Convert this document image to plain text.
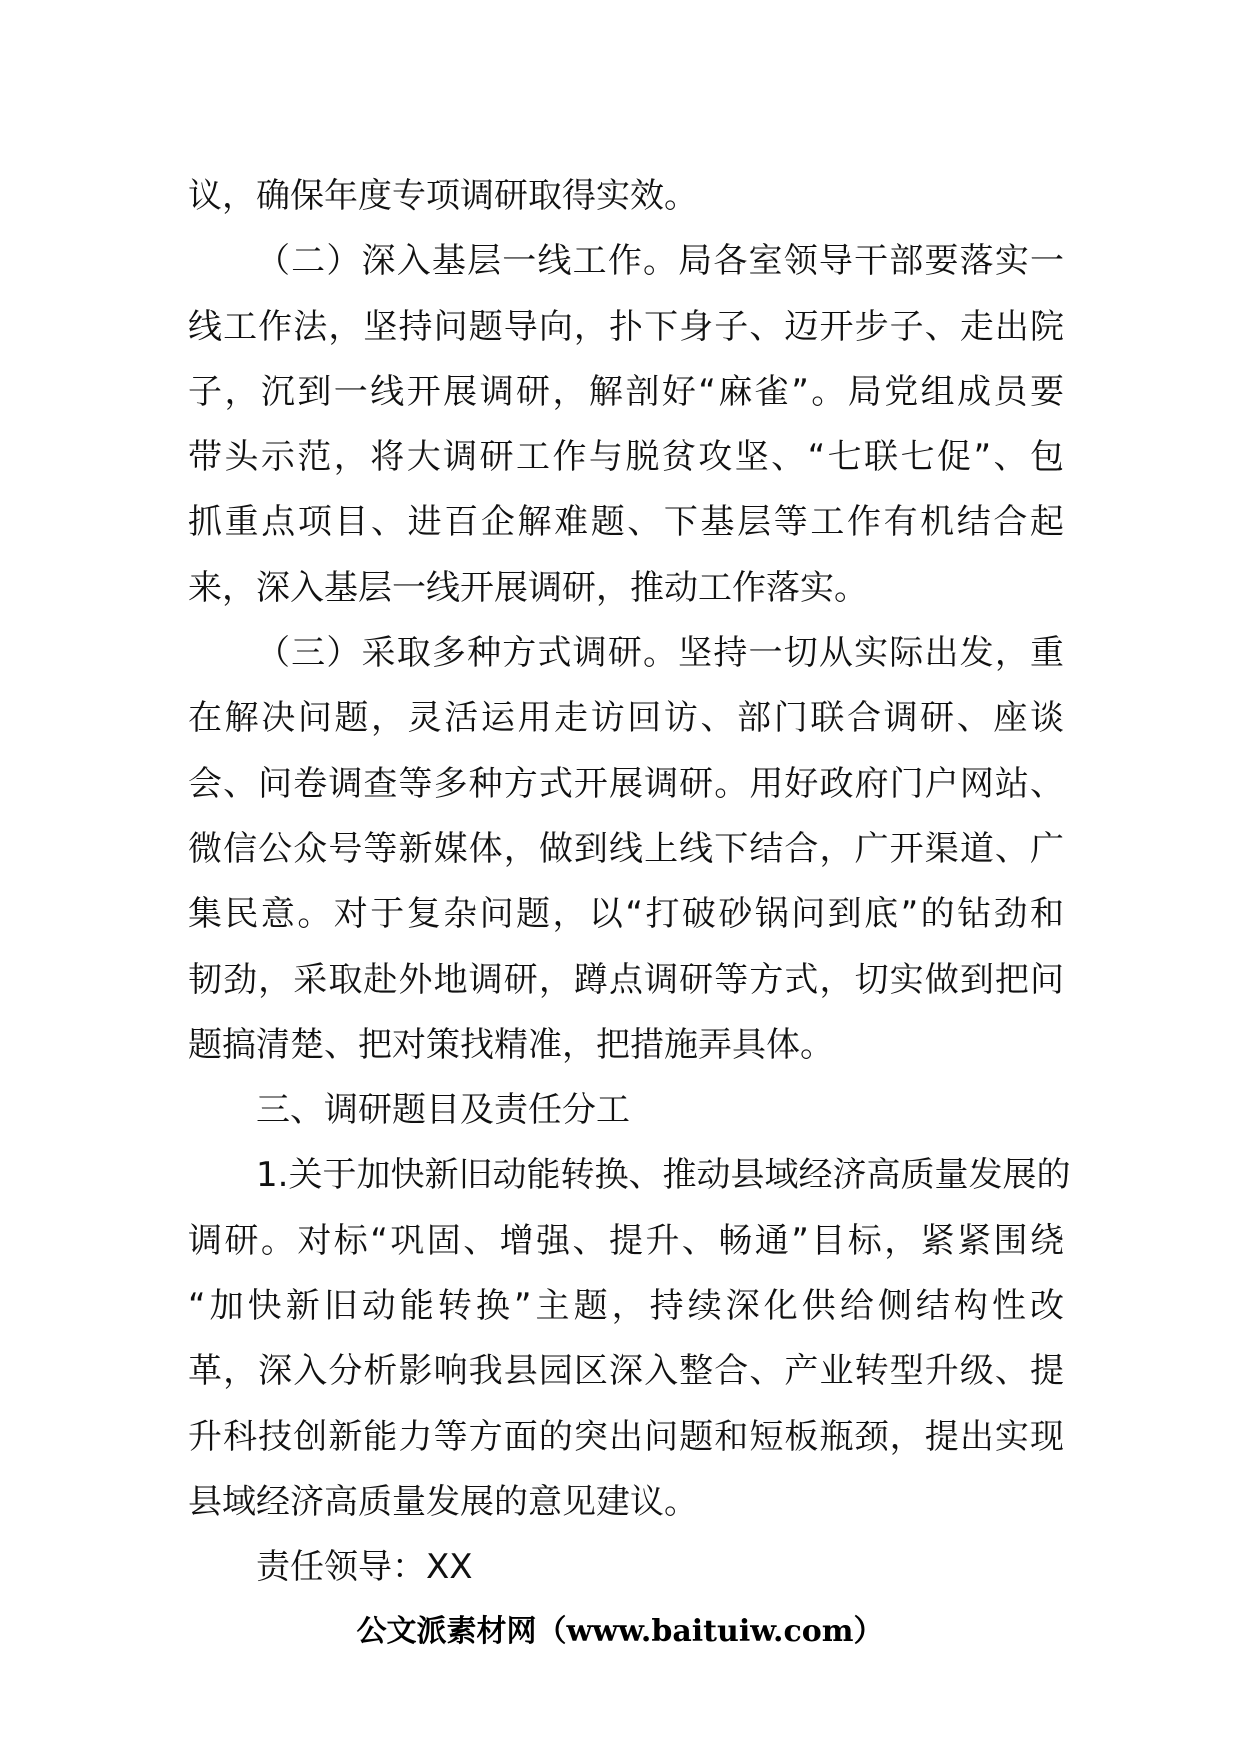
议，确保年度专项调研取得实效。
（二）深入基层一线工作。局各室领导干部要落实一
线工作法，坚持问题导向，扑下身子、迈开步子、走出院
子，沉到一线开展调研，解剖好“麻雀”。局党组成员要
带头示范，将大调研工作与脱贫攻坚、“七联七促”、包
抓重点项目、进百企解难题、下基层等工作有机结合起
来，深入基层一线开展调研，推动工作落实。
（三）采取多种方式调研。坚持一切从实际出发，重
在解决问题，灵活运用走访回访、部门联合调研、座谈
会、问卷调查等多种方式开展调研。用好政府门户网站、
微信公众号等新媒体，做到线上线下结合，广开渠道、广
集民意。对于复杂问题，以“打破砂锅问到底”的钻劲和
韧劲，采取赴外地调研，蹲点调研等方式，切实做到把问
题搞清楚、把对策找精准，把措施弄具体。
三、调研题目及责任分工
1.关于加快新旧动能转换、推动县域经济高质量发展的
调研。对标“巩固、增强、提升、畅通”目标，紧紧围绕
“加快新旧动能转换”主题，持续深化供给侧结构性改
革，深入分析影响我县园区深入整合、产业转型升级、提
升科技创新能力等方面的突出问题和短板瓶颈，提出实现
县域经济高质量发展的意见建议。
责任领导：XX
公文派素材网（www.baituiw.com）
